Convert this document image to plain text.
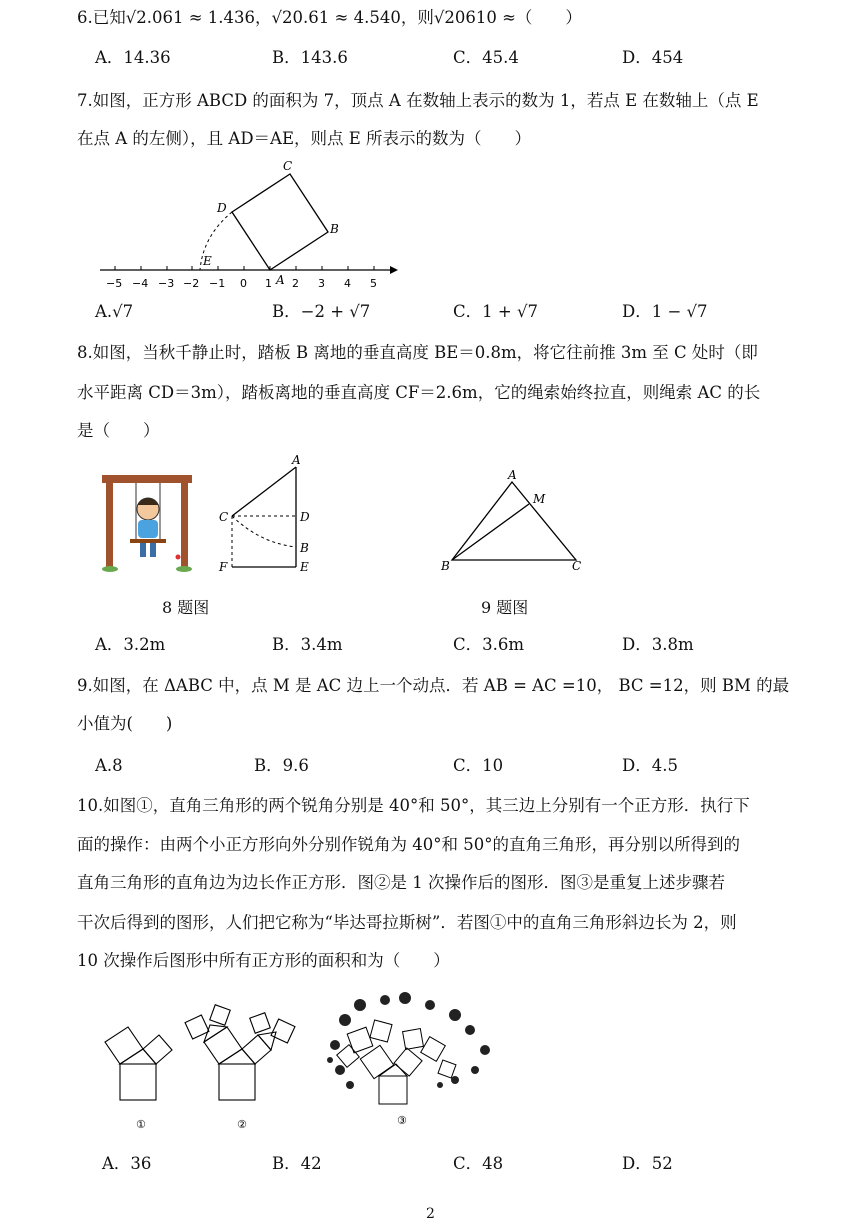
6.已知√2.061 ≈ 1.436，√20.61 ≈ 4.540，则√20610 ≈（　　）
A．14.36	B．143.6	C．45.4	D．454
7.如图，正方形 ABCD 的面积为 7，顶点 A 在数轴上表示的数为 1，若点 E 在数轴上（点 E
在点 A 的左侧），且 AD＝AE，则点 E 所表示的数为（　　）
C
D
B
E
A
−5 −4 −3 −2 −1 0 1 2 3 4 5
A.√7	B．−2 + √7	C．1 + √7	D．1 − √7
8.如图，当秋千静止时，踏板 B 离地的垂直高度 BE＝0.8m，将它往前推 3m 至 C 处时（即
水平距离 CD＝3m），踏板离地的垂直高度 CF＝2.6m，它的绳索始终拉直，则绳索 AC 的长
是（　　）
A
C	D
B
F	E
A
M
B	C
8 题图	9 题图
A．3.2m	B．3.4m	C．3.6m	D．3.8m
9.如图，在 ΔABC 中，点 M 是 AC 边上一个动点．若 AB = AC =10， BC =12，则 BM 的最
小值为(　　)
A.8	B．9.6	C．10	D．4.5
10.如图①，直角三角形的两个锐角分别是 40°和 50°，其三边上分别有一个正方形．执行下
面的操作：由两个小正方形向外分别作锐角为 40°和 50°的直角三角形，再分别以所得到的
直角三角形的直角边为边长作正方形．图②是 1 次操作后的图形．图③是重复上述步骤若
干次后得到的图形，人们把它称为“毕达哥拉斯树”．若图①中的直角三角形斜边长为 2，则
10 次操作后图形中所有正方形的面积和为（　　）
①	②	③
A．36	B．42	C．48	D．52
2
